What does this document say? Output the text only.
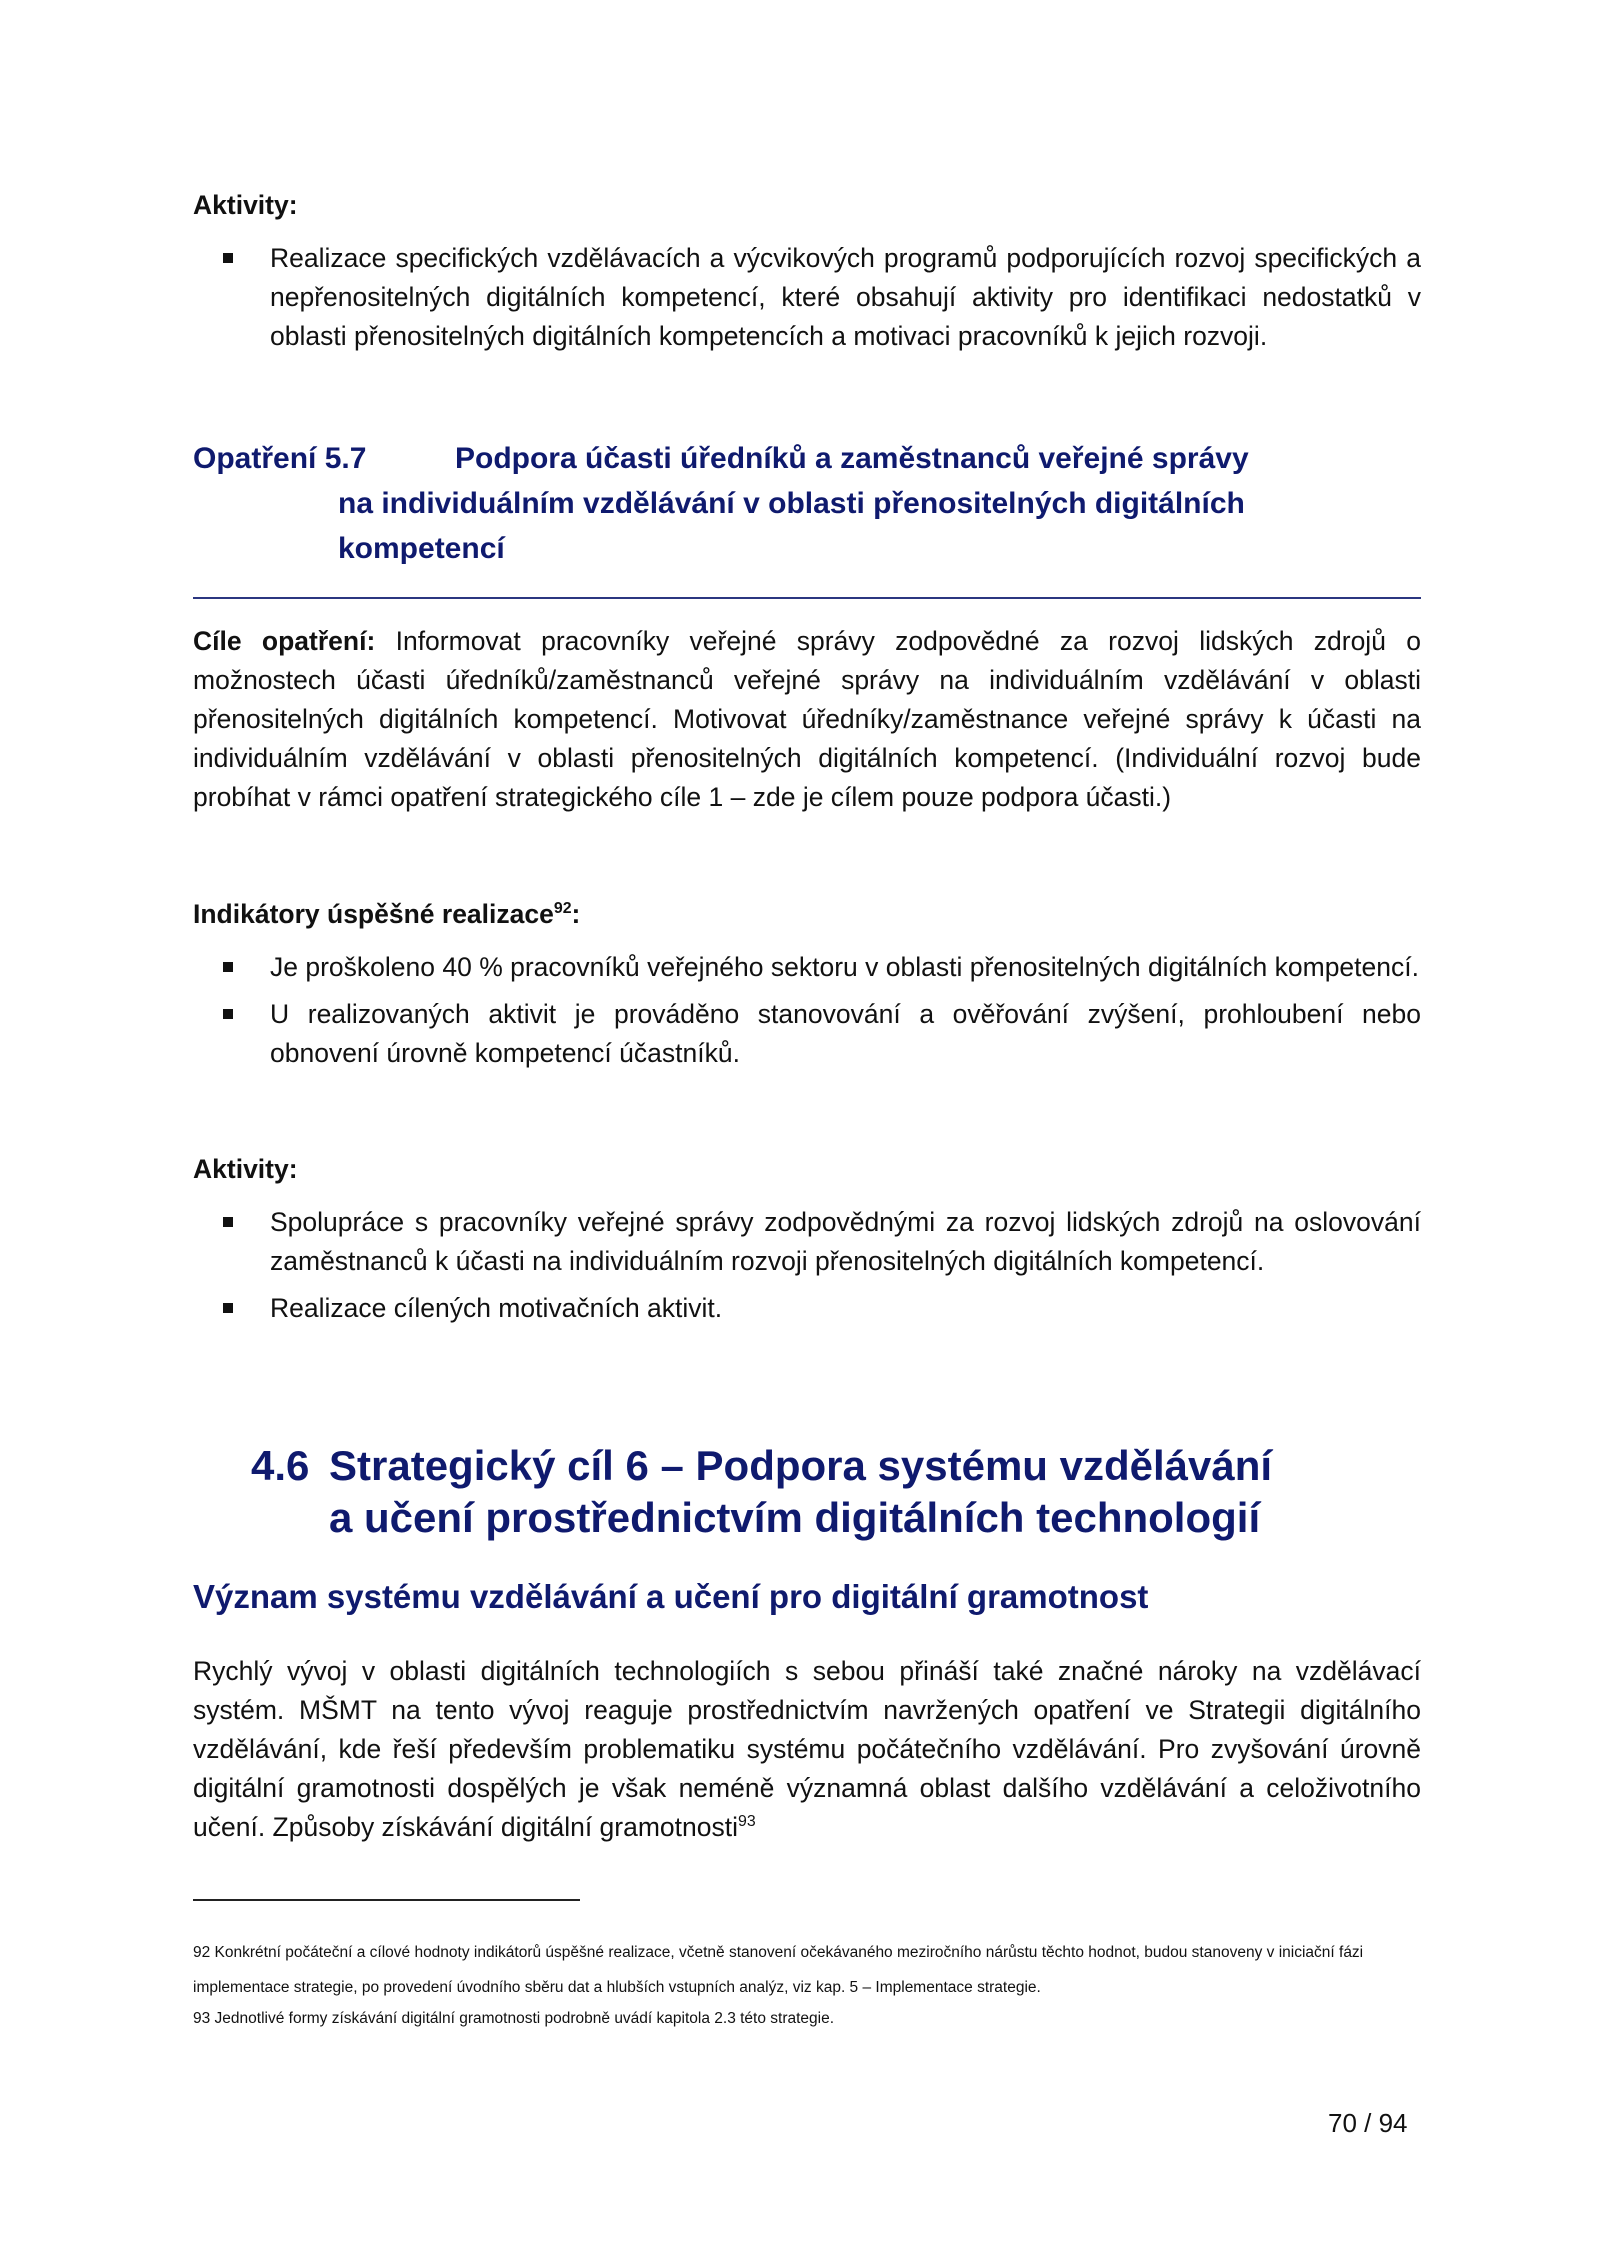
Aktivity:
Realizace specifických vzdělávacích a výcvikových programů podporujících rozvoj specifických a nepřenositelných digitálních kompetencí, které obsahují aktivity pro identifikaci nedostatků v oblasti přenositelných digitálních kompetencích a motivaci pracovníků k jejich rozvoji.
Opatření 5.7	Podpora účasti úředníků a zaměstnanců veřejné správy
na individuálním vzdělávání v oblasti přenositelných digitálních
kompetencí

Cíle opatření: Informovat pracovníky veřejné správy zodpovědné za rozvoj lidských zdrojů o možnostech účasti úředníků/zaměstnanců veřejné správy na individuálním vzdělávání v oblasti přenositelných digitálních kompetencí. Motivovat úředníky/zaměstnance veřejné správy k účasti na individuálním vzdělávání v oblasti přenositelných digitálních kompetencí. (Individuální rozvoj bude probíhat v rámci opatření strategického cíle 1 – zde je cílem pouze podpora účasti.)

Indikátory úspěšné realizace$^{92}$:
Je proškoleno 40 % pracovníků veřejného sektoru v oblasti přenositelných digitálních kompetencí.
U realizovaných aktivit je prováděno stanovování a ověřování zvýšení, prohloubení nebo obnovení úrovně kompetencí účastníků.
Aktivity:
Spolupráce s pracovníky veřejné správy zodpovědnými za rozvoj lidských zdrojů na oslovování zaměstnanců k účasti na individuálním rozvoji přenositelných digitálních kompetencí.
Realizace cílených motivačních aktivit.
4.6 Strategický cíl 6 – Podpora systému vzdělávání
a učení prostřednictvím digitálních technologií
Význam systému vzdělávání a učení pro digitální gramotnost

Rychlý vývoj v oblasti digitálních technologiích s sebou přináší také značné nároky na vzdělávací systém. MŠMT na tento vývoj reaguje prostřednictvím navržených opatření ve Strategii digitálního vzdělávání, kde řeší především problematiku systému počátečního vzdělávání. Pro zvyšování úrovně digitální gramotnosti dospělých je však neméně významná oblast dalšího vzdělávání a celoživotního učení. Způsoby získávání digitální gramotnosti$^{93}$

92 Konkrétní počáteční a cílové hodnoty indikátorů úspěšné realizace, včetně stanovení očekávaného meziročního nárůstu těchto hodnot, budou stanoveny v iniciační fázi implementace strategie, po provedení úvodního sběru dat a hlubších vstupních analýz, viz kap. 5 – Implementace strategie.
93 Jednotlivé formy získávání digitální gramotnosti podrobně uvádí kapitola 2.3 této strategie.
70 / 94
